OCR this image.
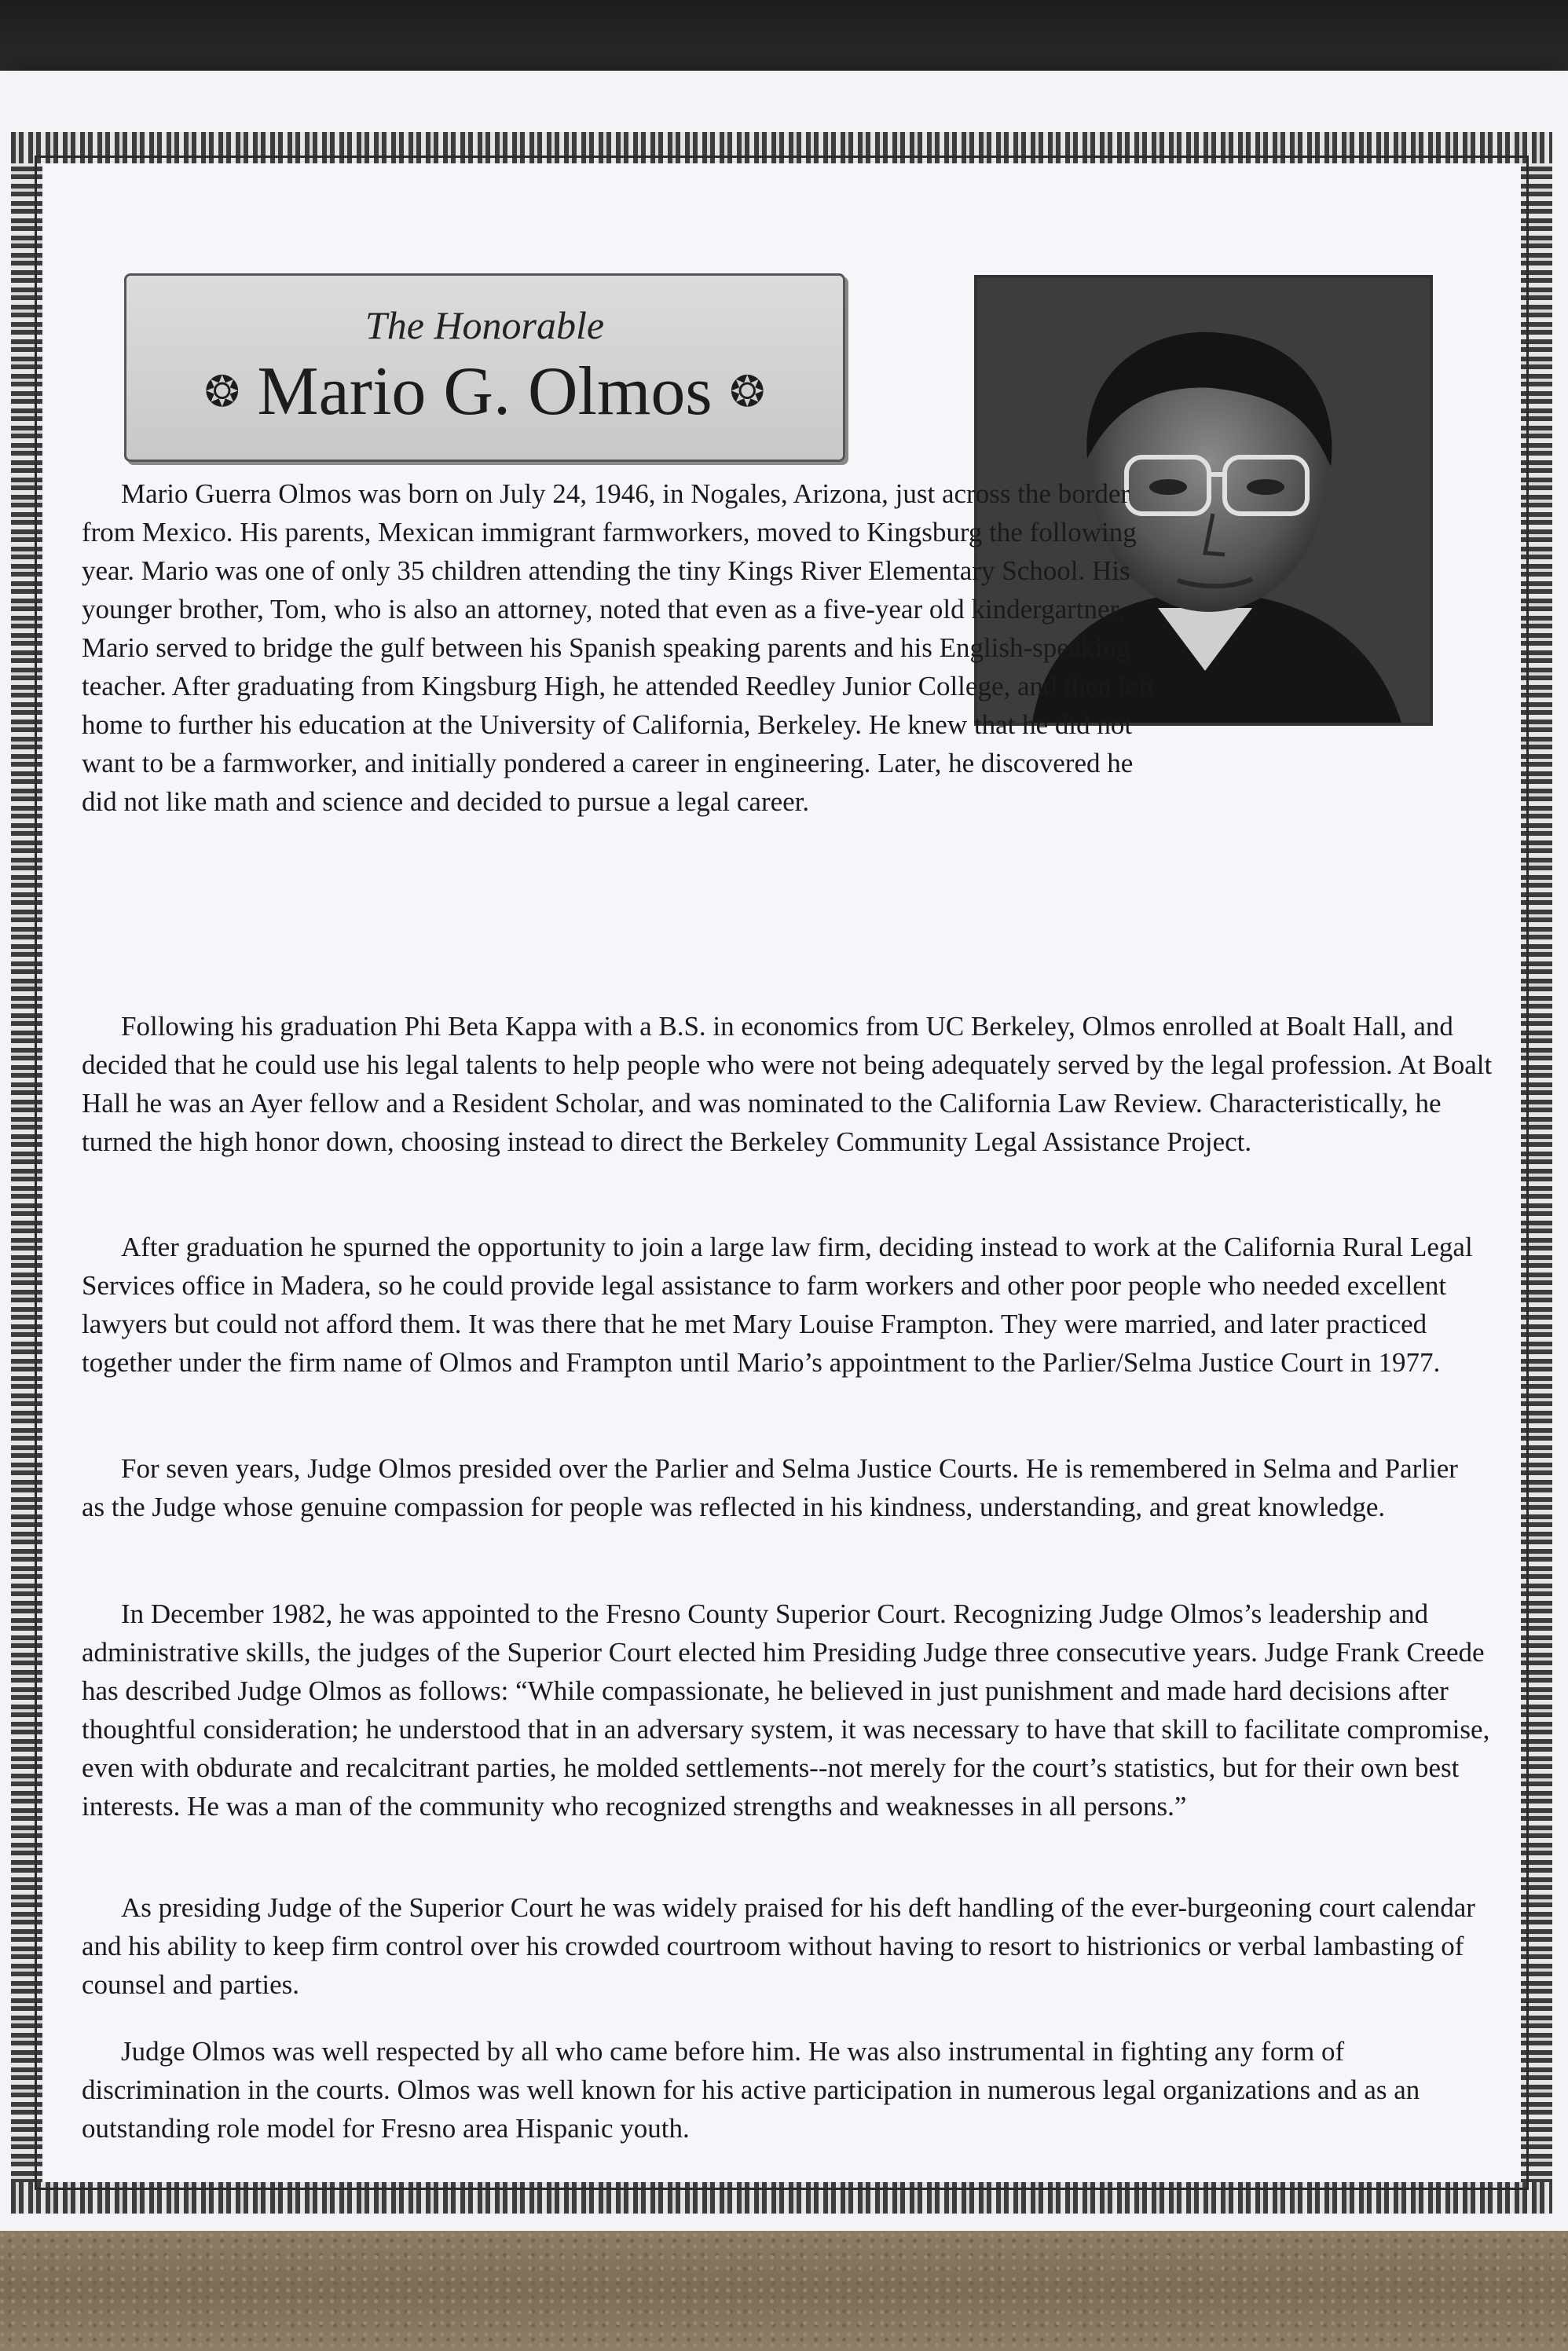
The Honorable
❂ Mario G. Olmos ❂

Mario Guerra Olmos was born on July 24, 1946, in Nogales, Arizona, just across the border from Mexico. His parents, Mexican immigrant farmworkers, moved to Kingsburg the following year. Mario was one of only 35 children attending the tiny Kings River Elementary School. His younger brother, Tom, who is also an attorney, noted that even as a five-year old kindergartner, Mario served to bridge the gulf between his Spanish speaking parents and his English-speaking teacher. After graduating from Kingsburg High, he attended Reedley Junior College, and then left home to further his education at the University of California, Berkeley. He knew that he did not want to be a farmworker, and initially pondered a career in engineering. Later, he discovered he did not like math and science and decided to pursue a legal career.

Following his graduation Phi Beta Kappa with a B.S. in economics from UC Berkeley, Olmos enrolled at Boalt Hall, and decided that he could use his legal talents to help people who were not being adequately served by the legal profession. At Boalt Hall he was an Ayer fellow and a Resident Scholar, and was nominated to the California Law Review. Characteristically, he turned the high honor down, choosing instead to direct the Berkeley Community Legal Assistance Project.

After graduation he spurned the opportunity to join a large law firm, deciding instead to work at the California Rural Legal Services office in Madera, so he could provide legal assistance to farm workers and other poor people who needed excellent lawyers but could not afford them. It was there that he met Mary Louise Frampton. They were married, and later practiced together under the firm name of Olmos and Frampton until Mario’s appointment to the Parlier/Selma Justice Court in 1977.

For seven years, Judge Olmos presided over the Parlier and Selma Justice Courts. He is remembered in Selma and Parlier as the Judge whose genuine compassion for people was reflected in his kindness, understanding, and great knowledge.

In December 1982, he was appointed to the Fresno County Superior Court. Recognizing Judge Olmos’s leadership and administrative skills, the judges of the Superior Court elected him Presiding Judge three consecutive years. Judge Frank Creede has described Judge Olmos as follows: “While compassionate, he believed in just punishment and made hard decisions after thoughtful consideration; he understood that in an adversary system, it was necessary to have that skill to facilitate compromise, even with obdurate and recalcitrant parties, he molded settlements--not merely for the court’s statistics, but for their own best interests. He was a man of the community who recognized strengths and weaknesses in all persons.”

As presiding Judge of the Superior Court he was widely praised for his deft handling of the ever-burgeoning court calendar and his ability to keep firm control over his crowded courtroom without having to resort to histrionics or verbal lambasting of counsel and parties.

Judge Olmos was well respected by all who came before him. He was also instrumental in fighting any form of discrimination in the courts. Olmos was well known for his active participation in numerous legal organizations and as an outstanding role model for Fresno area Hispanic youth.
